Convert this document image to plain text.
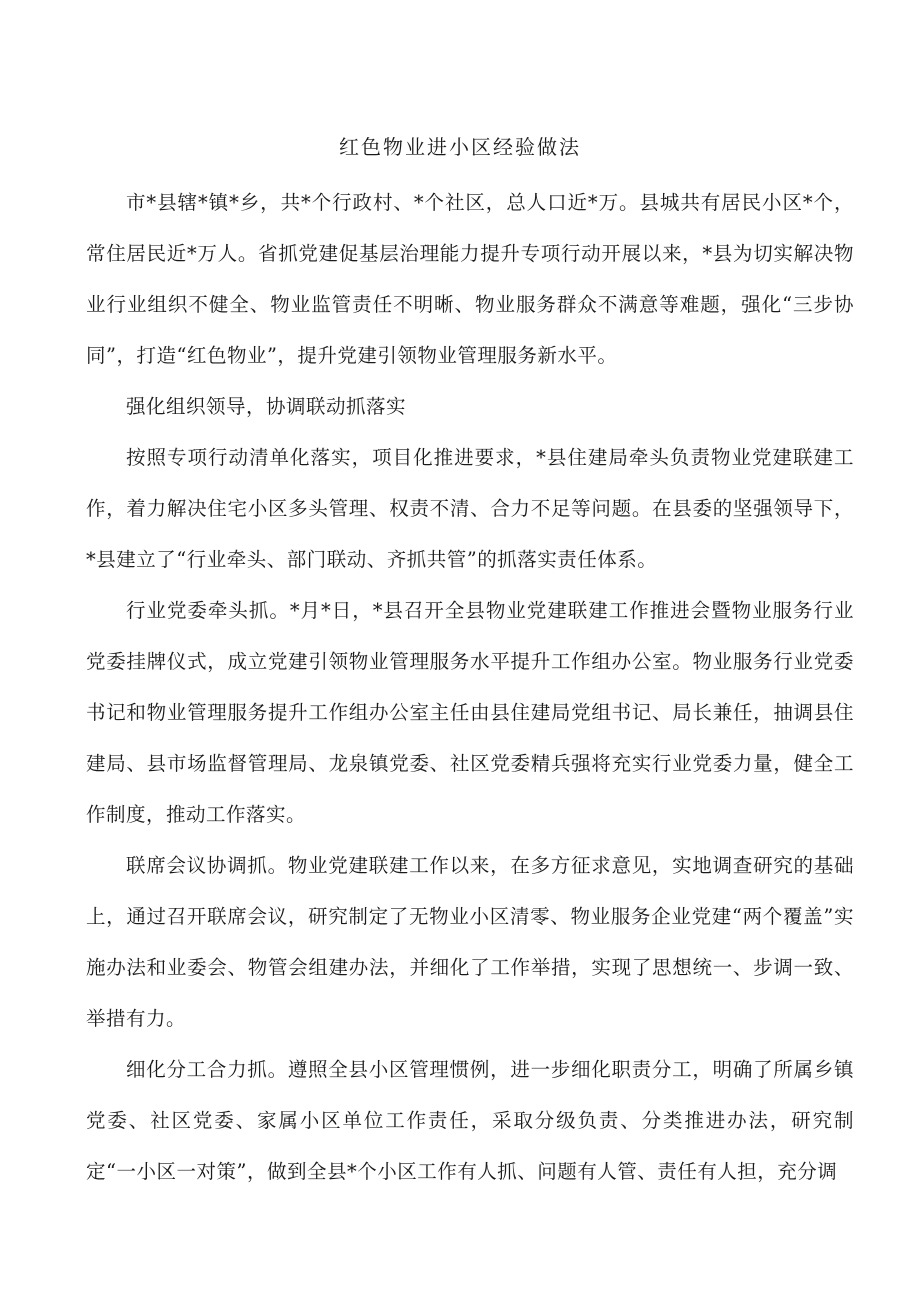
红色物业进小区经验做法

市*县辖*镇*乡，共*个行政村、*个社区，总人口近*万。县城共有居民小区*个，常住居民近*万人。省抓党建促基层治理能力提升专项行动开展以来，*县为切实解决物业行业组织不健全、物业监管责任不明晰、物业服务群众不满意等难题，强化“三步协同”，打造“红色物业”，提升党建引领物业管理服务新水平。

强化组织领导，协调联动抓落实

按照专项行动清单化落实，项目化推进要求，*县住建局牵头负责物业党建联建工作，着力解决住宅小区多头管理、权责不清、合力不足等问题。在县委的坚强领导下，*县建立了“行业牵头、部门联动、齐抓共管”的抓落实责任体系。

行业党委牵头抓。*月*日，*县召开全县物业党建联建工作推进会暨物业服务行业党委挂牌仪式，成立党建引领物业管理服务水平提升工作组办公室。物业服务行业党委书记和物业管理服务提升工作组办公室主任由县住建局党组书记、局长兼任，抽调县住建局、县市场监督管理局、龙泉镇党委、社区党委精兵强将充实行业党委力量，健全工作制度，推动工作落实。

联席会议协调抓。物业党建联建工作以来，在多方征求意见，实地调查研究的基础上，通过召开联席会议，研究制定了无物业小区清零、物业服务企业党建“两个覆盖”实施办法和业委会、物管会组建办法，并细化了工作举措，实现了思想统一、步调一致、举措有力。

细化分工合力抓。遵照全县小区管理惯例，进一步细化职责分工，明确了所属乡镇党委、社区党委、家属小区单位工作责任，采取分级负责、分类推进办法，研究制定“一小区一对策”，做到全县*个小区工作有人抓、问题有人管、责任有人担，充分调
